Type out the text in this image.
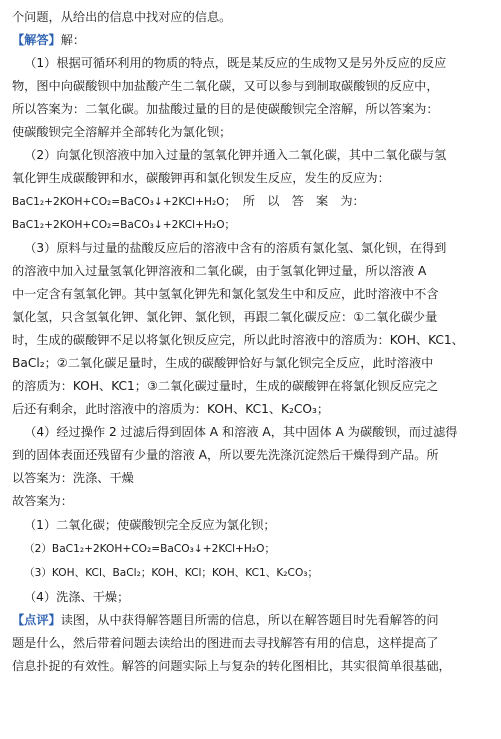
个问题，从给出的信息中找对应的信息。

【解答】解：

（1）根据可循环利用的物质的特点，既是某反应的生成物又是另外反应的反应

物，图中向碳酸钡中加盐酸产生二氧化碳，又可以参与到制取碳酸钡的反应中，

所以答案为：二氧化碳。加盐酸过量的目的是使碳酸钡完全溶解，所以答案为：

使碳酸钡完全溶解并全部转化为氯化钡；

（2）向氯化钡溶液中加入过量的氢氧化钾并通入二氧化碳，其中二氧化碳与氢

氧化钾生成碳酸钾和水，碳酸钾再和氯化钡发生反应，发生的反应为：

BaC1₂+2KOH+CO₂=BaCO₃↓+2KCl+H₂O；　所　以　答　案　为：

BaC1₂+2KOH+CO₂=BaCO₃↓+2KCl+H₂O；

（3）原料与过量的盐酸反应后的溶液中含有的溶质有氯化氢、氯化钡，在得到

的溶液中加入过量氢氧化钾溶液和二氧化碳，由于氢氧化钾过量，所以溶液 A

中一定含有氢氧化钾。其中氢氧化钾先和氯化氢发生中和反应，此时溶液中不含

氯化氢，只含氢氧化钾、氯化钾、氯化钡，再跟二氧化碳反应：①二氧化碳少量

时，生成的碳酸钾不足以将氯化钡反应完，所以此时溶液中的溶质为：KOH、KC1、

BaCl₂；②二氧化碳足量时，生成的碳酸钾恰好与氯化钡完全反应，此时溶液中

的溶质为：KOH、KC1；③二氧化碳过量时，生成的碳酸钾在将氯化钡反应完之

后还有剩余，此时溶液中的溶质为：KOH、KC1、K₂CO₃；

（4）经过操作 2 过滤后得到固体 A 和溶液 A，其中固体 A 为碳酸钡，而过滤得

到的固体表面还残留有少量的溶液 A，所以要先洗涤沉淀然后干燥得到产品。所

以答案为：洗涤、干燥

故答案为：

（1）二氧化碳；使碳酸钡完全反应为氯化钡；

（2）BaC1₂+2KOH+CO₂=BaCO₃↓+2KCl+H₂O；

（3）KOH、KCl、BaCl₂；KOH、KCl；KOH、KC1、K₂CO₃；

（4）洗涤、干燥；

【点评】读图，从中获得解答题目所需的信息，所以在解答题目时先看解答的问

题是什么，然后带着问题去读给出的图进而去寻找解答有用的信息，这样提高了

信息扑捉的有效性。解答的问题实际上与复杂的转化图相比，其实很简单很基础，
